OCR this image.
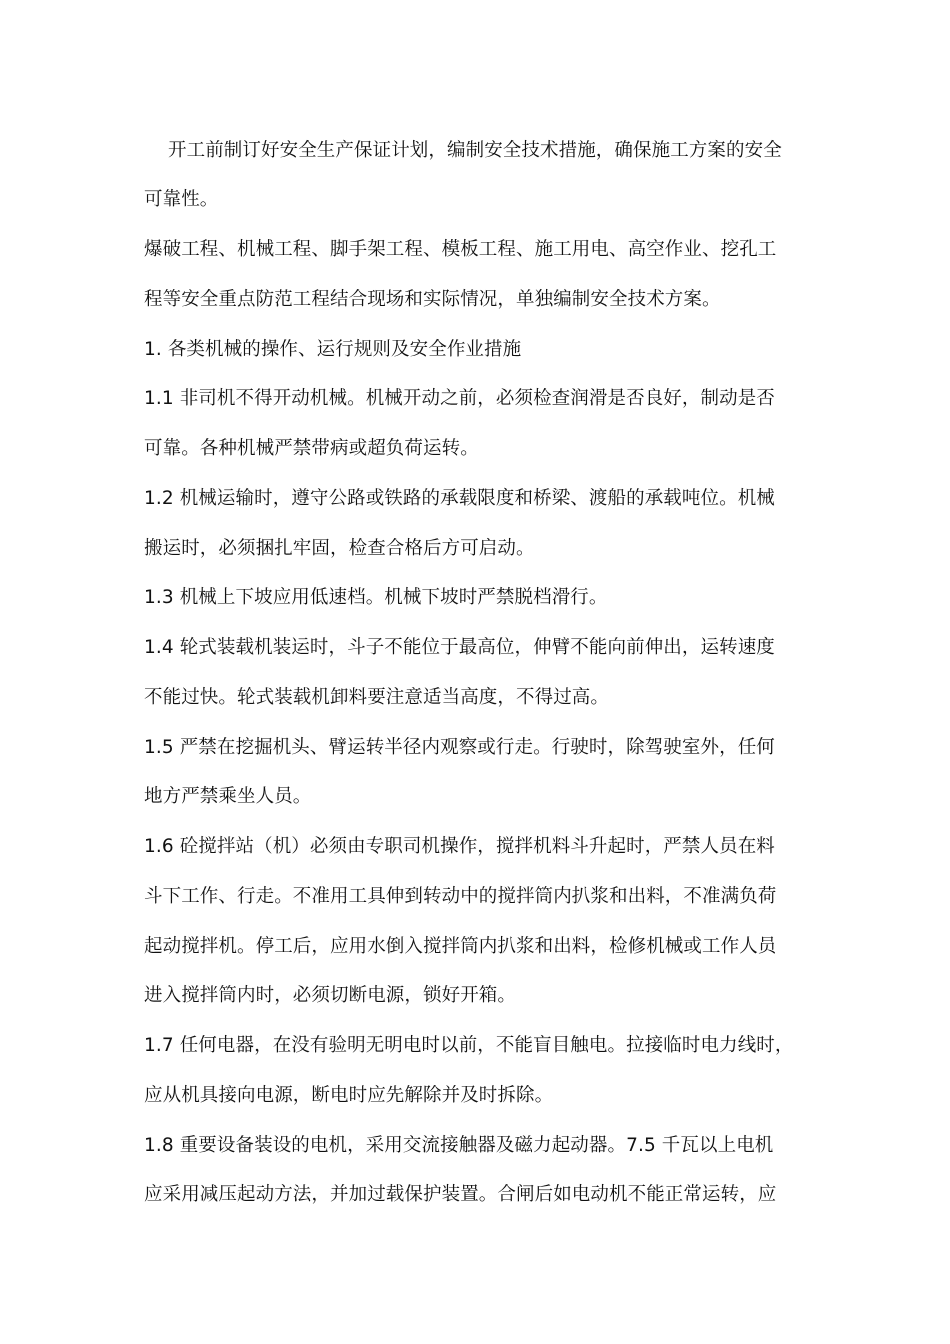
开工前制订好安全生产保证计划，编制安全技术措施，确保施工方案的安全
可靠性。
爆破工程、机械工程、脚手架工程、模板工程、施工用电、高空作业、挖孔工
程等安全重点防范工程结合现场和实际情况，单独编制安全技术方案。
1. 各类机械的操作、运行规则及安全作业措施
1.1 非司机不得开动机械。机械开动之前，必须检查润滑是否良好，制动是否
可靠。各种机械严禁带病或超负荷运转。
1.2 机械运输时，遵守公路或铁路的承载限度和桥梁、渡船的承载吨位。机械
搬运时，必须捆扎牢固，检查合格后方可启动。
1.3 机械上下坡应用低速档。机械下坡时严禁脱档滑行。
1.4 轮式装载机装运时，斗子不能位于最高位，伸臂不能向前伸出，运转速度
不能过快。轮式装载机卸料要注意适当高度，不得过高。
1.5 严禁在挖掘机头、臂运转半径内观察或行走。行驶时，除驾驶室外，任何
地方严禁乘坐人员。
1.6 砼搅拌站（机）必须由专职司机操作，搅拌机料斗升起时，严禁人员在料
斗下工作、行走。不准用工具伸到转动中的搅拌筒内扒浆和出料，不准满负荷
起动搅拌机。停工后，应用水倒入搅拌筒内扒浆和出料，检修机械或工作人员
进入搅拌筒内时，必须切断电源，锁好开箱。
1.7 任何电器，在没有验明无明电时以前，不能盲目触电。拉接临时电力线时，
应从机具接向电源，断电时应先解除并及时拆除。
1.8 重要设备装设的电机，采用交流接触器及磁力起动器。7.5 千瓦以上电机
应采用减压起动方法，并加过载保护装置。合闸后如电动机不能正常运转，应
